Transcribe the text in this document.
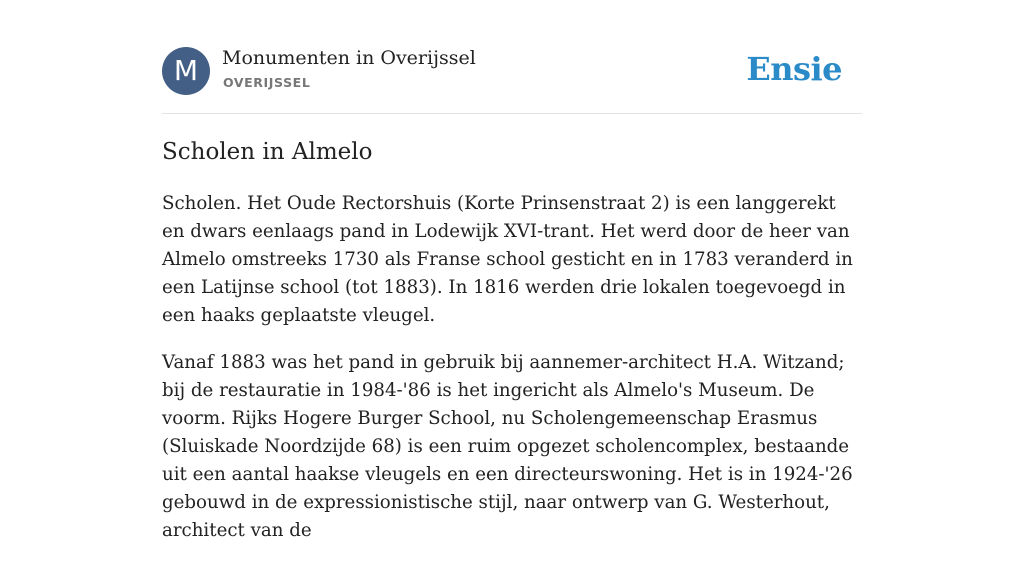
M	Monumenten in Overijssel
OVERIJSSEL	Ensie
Scholen in Almelo

Scholen. Het Oude Rectorshuis (Korte Prinsenstraat 2) is een langgerekt en dwars eenlaags pand in Lodewijk XVI-trant. Het werd door de heer van Almelo omstreeks 1730 als Franse school gesticht en in 1783 veranderd in een Latijnse school (tot 1883). In 1816 werden drie lokalen toegevoegd in een haaks geplaatste vleugel.

Vanaf 1883 was het pand in gebruik bij aannemer-architect H.A. Witzand; bij de restauratie in 1984-'86 is het ingericht als Almelo's Museum. De voorm. Rijks Hogere Burger School, nu Scholengemeenschap Erasmus (Sluiskade Noordzijde 68) is een ruim opgezet scholencomplex, bestaande uit een aantal haakse vleugels en een directeurswoning. Het is in 1924-'26 gebouwd in de expressionistische stijl, naar ontwerp van G. Westerhout, architect van de
